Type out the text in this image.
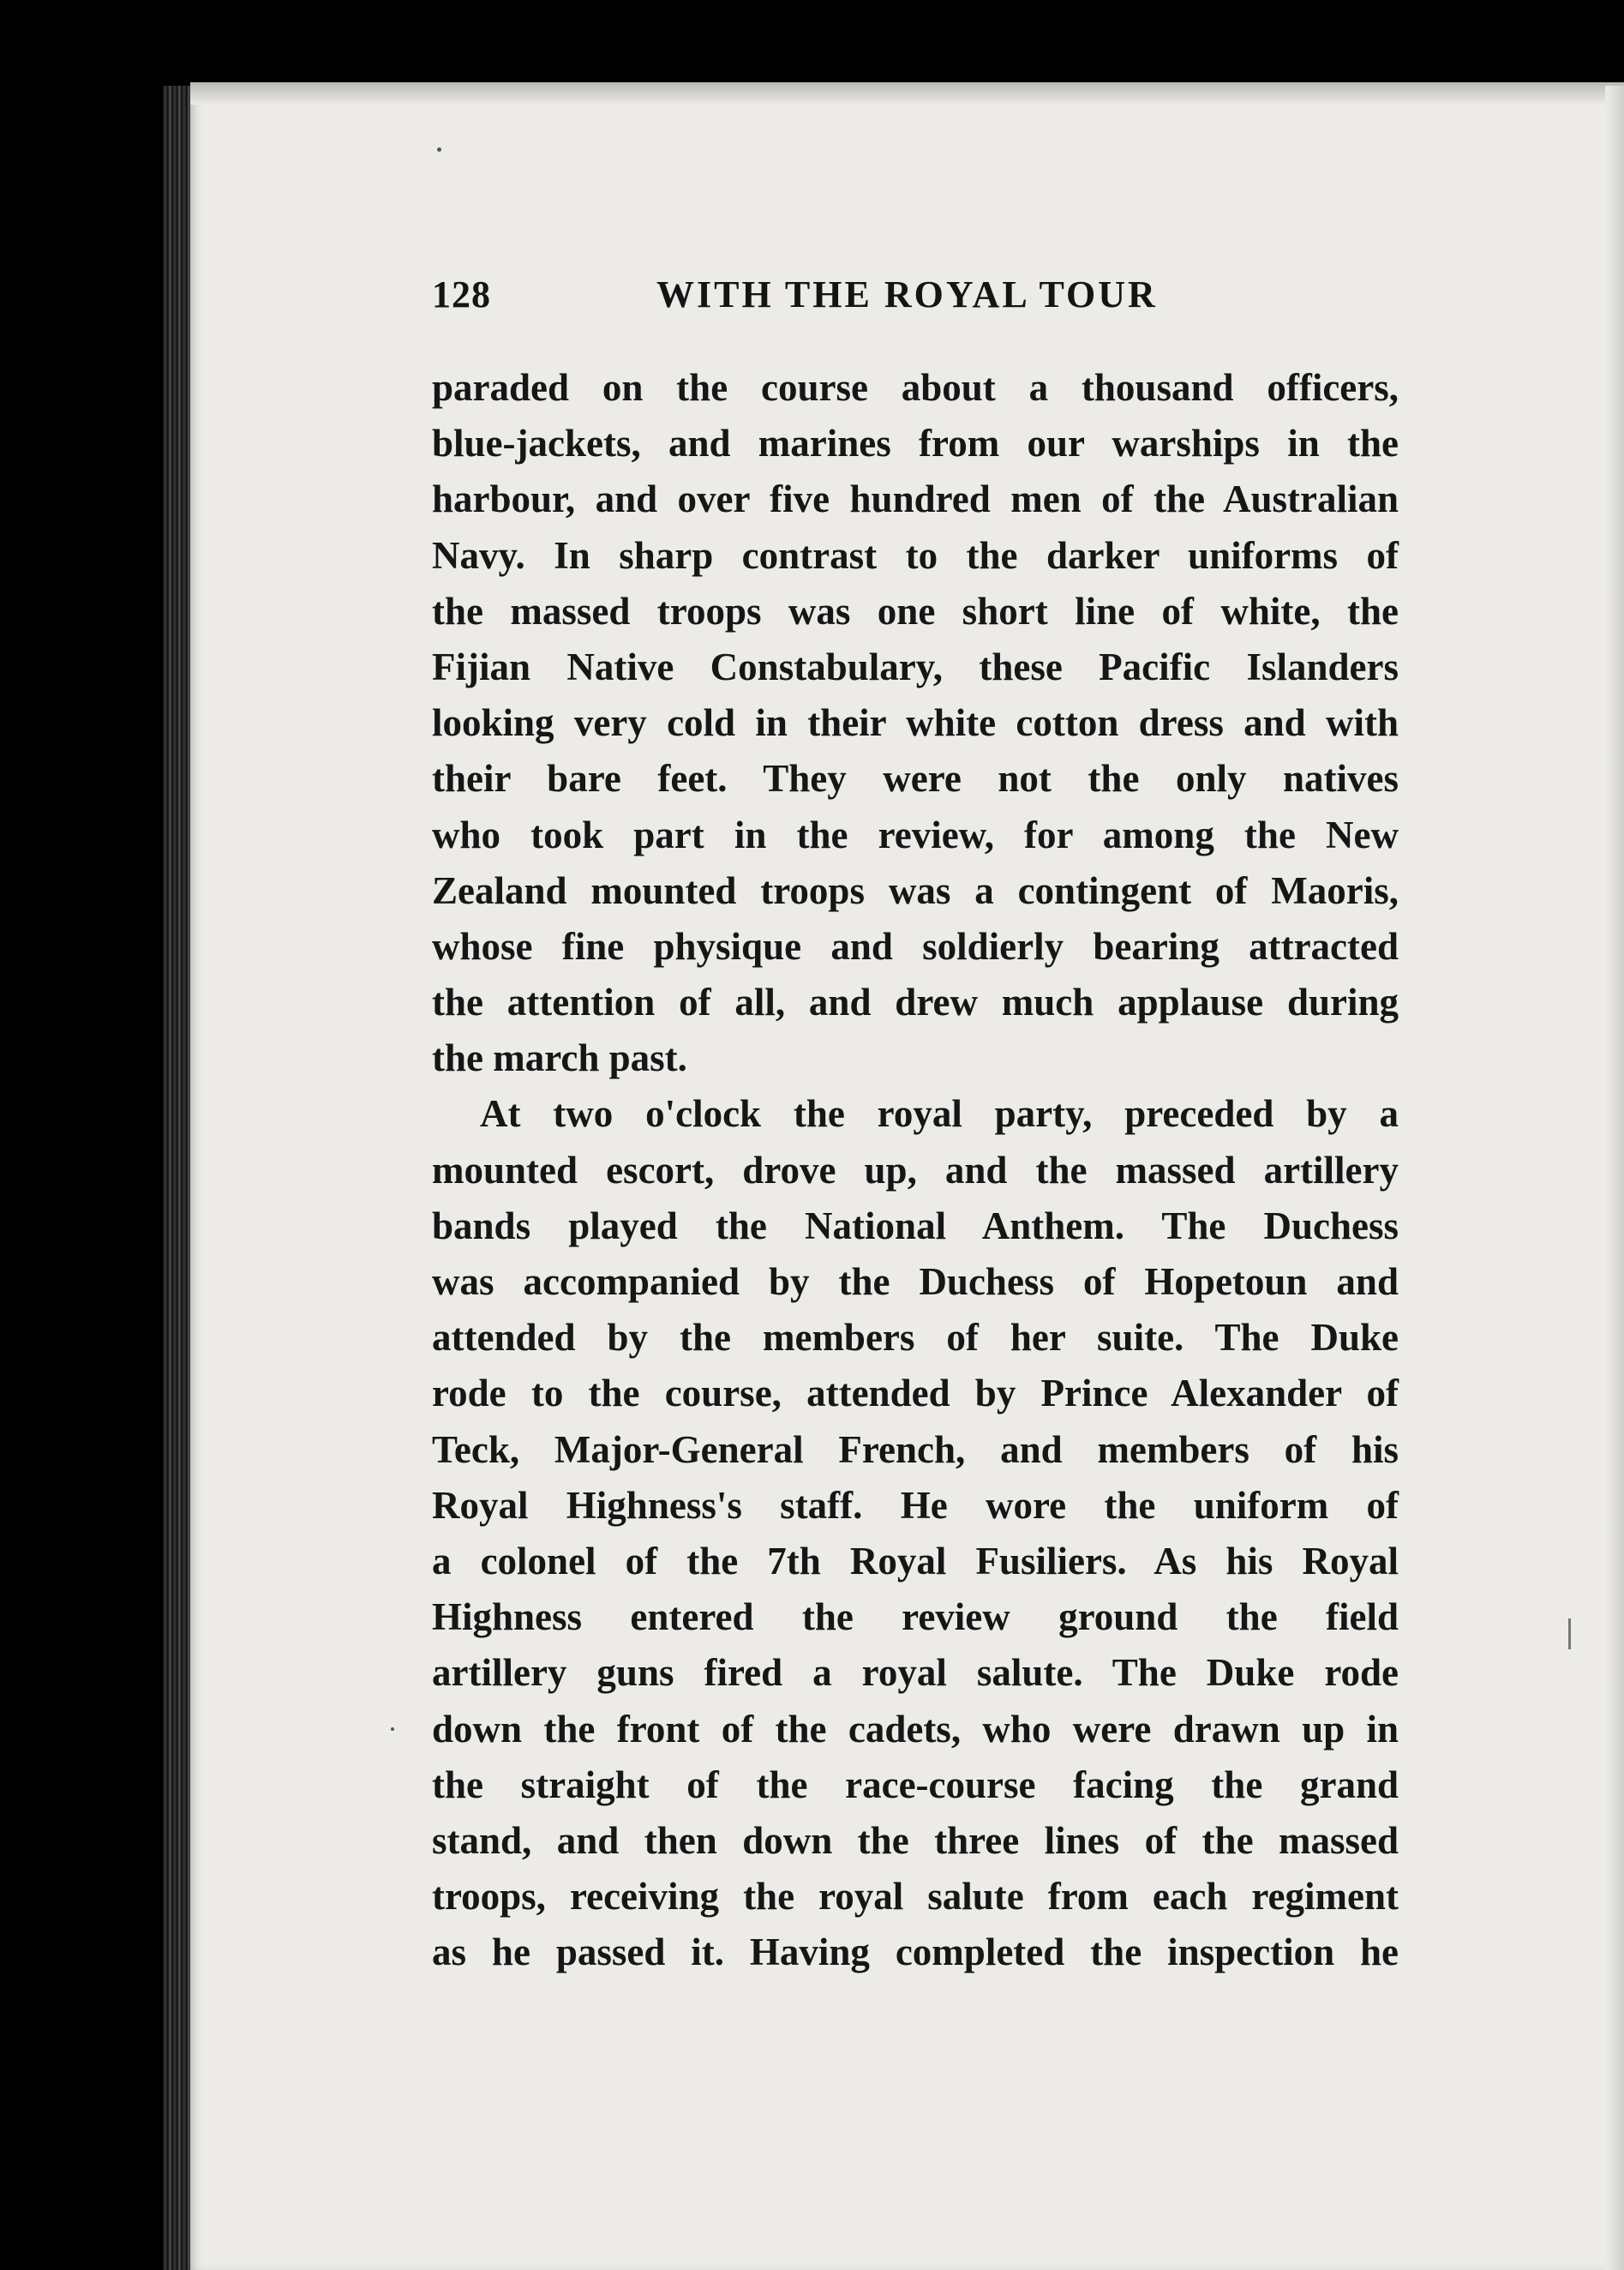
128	WITH THE ROYAL TOUR
paraded on the course about a thousand officers,
blue-jackets, and marines from our warships in the
harbour, and over five hundred men of the Australian
Navy. In sharp contrast to the darker uniforms of
the massed troops was one short line of white, the
Fijian Native Constabulary, these Pacific Islanders
looking very cold in their white cotton dress and with
their bare feet. They were not the only natives
who took part in the review, for among the New
Zealand mounted troops was a contingent of Maoris,
whose fine physique and soldierly bearing attracted
the attention of all, and drew much applause during
the march past.
At two o'clock the royal party, preceded by a
mounted escort, drove up, and the massed artillery
bands played the National Anthem. The Duchess
was accompanied by the Duchess of Hopetoun and
attended by the members of her suite. The Duke
rode to the course, attended by Prince Alexander of
Teck, Major-General French, and members of his
Royal Highness's staff. He wore the uniform of
a colonel of the 7th Royal Fusiliers. As his Royal
Highness entered the review ground the field
artillery guns fired a royal salute. The Duke rode
down the front of the cadets, who were drawn up in
the straight of the race-course facing the grand
stand, and then down the three lines of the massed
troops, receiving the royal salute from each regiment
as he passed it. Having completed the inspection he
